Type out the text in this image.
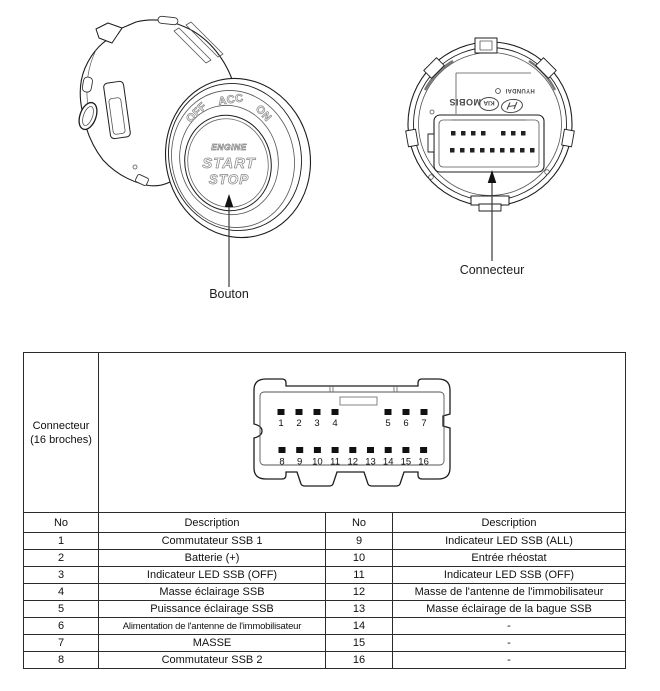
OFF
ACC
ON
ENGINE
START
STOP
MOBIS KIA
HYUNDAI
Bouton
Connecteur
Connecteur
(16 broches)

1 2 3 4	5 6 7
8 9 10 11 12 13 14 15 16

No	Description	No	Description
1	Commutateur SSB 1	9	Indicateur LED SSB (ALL)
2	Batterie (+)	10	Entrée rhéostat
3	Indicateur LED SSB (OFF)	11	Indicateur LED SSB (OFF)
4	Masse éclairage SSB	12	Masse de l'antenne de l'immobilisateur
5	Puissance éclairage SSB	13	Masse éclairage de la bague SSB
6	Alimentation de l'antenne de l'immobilisateur	14	-
7	MASSE	15	-
8	Commutateur SSB 2	16	-
